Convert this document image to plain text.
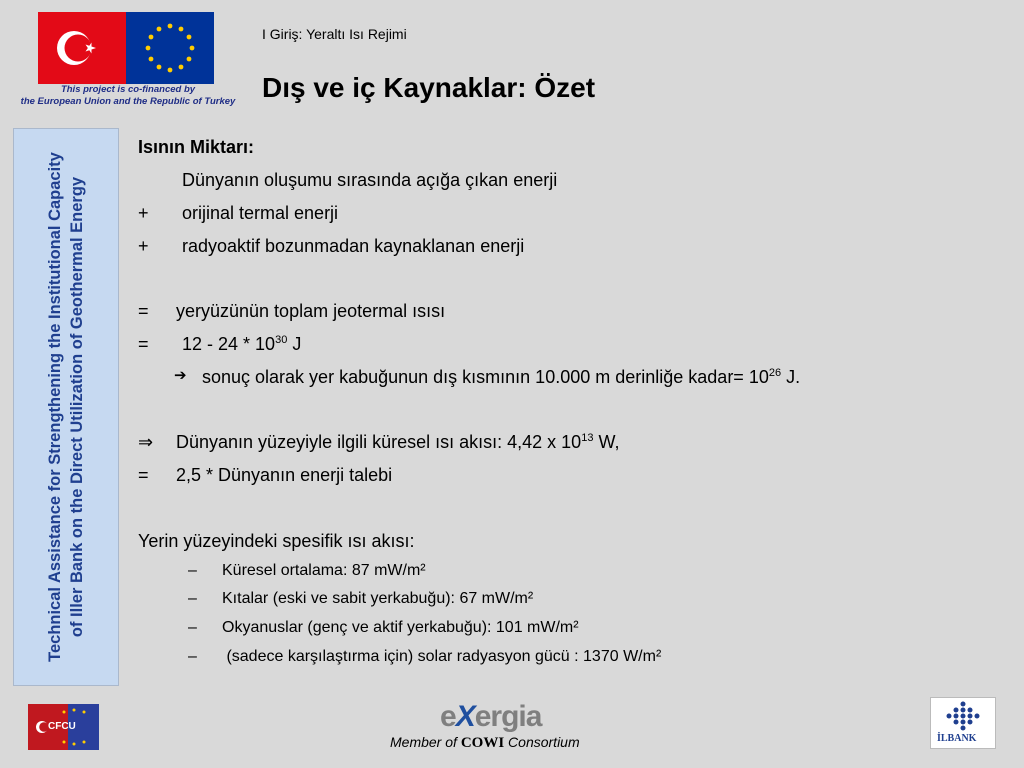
This project is co-financed by
the European Union and the Republic of Turkey
I Giriş: Yeraltı Isı Rejimi
Dış ve iç Kaynaklar: Özet
Technical Assistance for Strengthening the Institutional Capacity of Iller Bank on the Direct Utilization of Geothermal Energy
Isının Miktarı:
Dünyanın oluşumu sırasında açığa çıkan enerji
+ orijinal termal enerji
+ radyoaktif bozunmadan kaynaklanan enerji
= yeryüzünün toplam jeotermal ısısı
= $12 - 24 * 10^{30}$ J
➔ sonuç olarak yer kabuğunun dış kısmının 10.000 m derinliğe kadar= $10^{26}$ J.
⇒ Dünyanın yüzeyiyle ilgili küresel ısı akısı: 4,42 x $10^{13}$ W,
= 2,5 * Dünyanın enerji talebi
Yerin yüzeyindeki spesifik ısı akısı:
– Küresel ortalama: 87 mW/m²
– Kıtalar (eski ve sabit yerkabuğu): 67 mW/m²
– Okyanuslar (genç ve aktif yerkabuğu): 101 mW/m²
– (sadece karşılaştırma için) solar radyasyon gücü : 1370 W/m²
CFCU	eXergia
Member of COWI Consortium	İLBANK
